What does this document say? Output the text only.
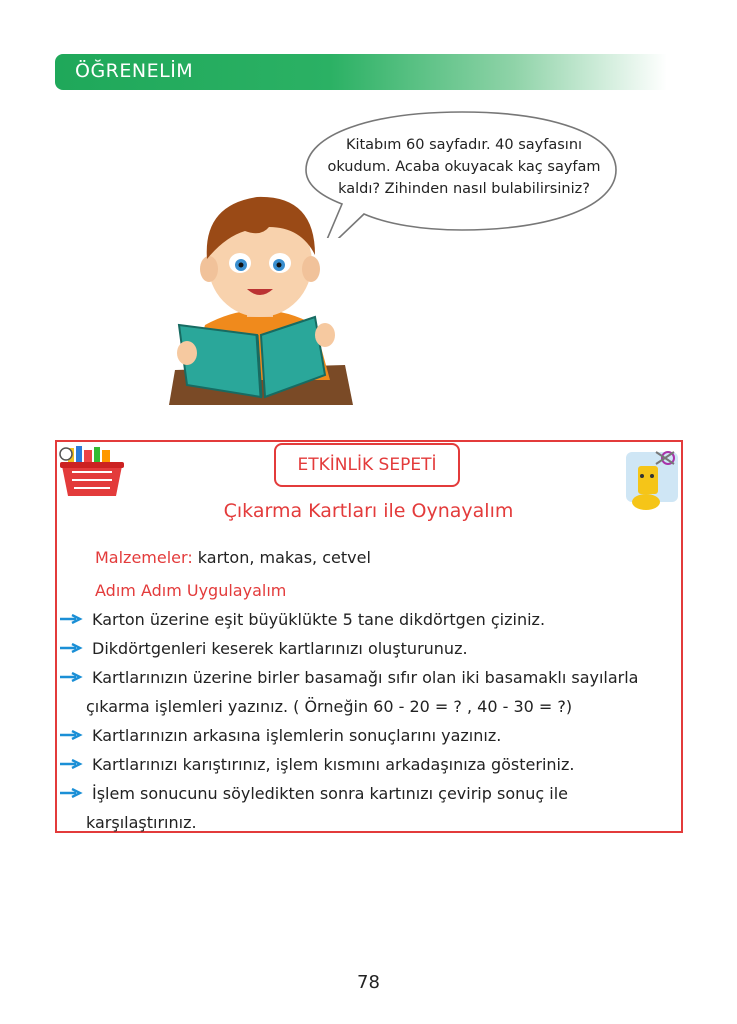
ÖĞRENELİM
Kitabım 60 sayfadır. 40 sayfasını
okudum. Acaba okuyacak kaç sayfam
kaldı? Zihinden nasıl bulabilirsiniz?
ETKİNLİK SEPETİ
Çıkarma Kartları ile Oynayalım
Malzemeler: karton, makas, cetvel
Adım Adım Uygulayalım
Karton üzerine eşit büyüklükte 5 tane dikdörtgen çiziniz.
Dikdörtgenleri keserek kartlarınızı oluşturunuz.
Kartlarınızın üzerine birler basamağı sıfır olan iki basamaklı sayılarla
çıkarma işlemleri yazınız. ( Örneğin 60 - 20 = ? , 40 - 30 = ?)
Kartlarınızın arkasına işlemlerin sonuçlarını yazınız.
Kartlarınızı karıştırınız, işlem kısmını arkadaşınıza gösteriniz.
İşlem sonucunu söyledikten sonra kartınızı çevirip sonuç ile
karşılaştırınız.
78
